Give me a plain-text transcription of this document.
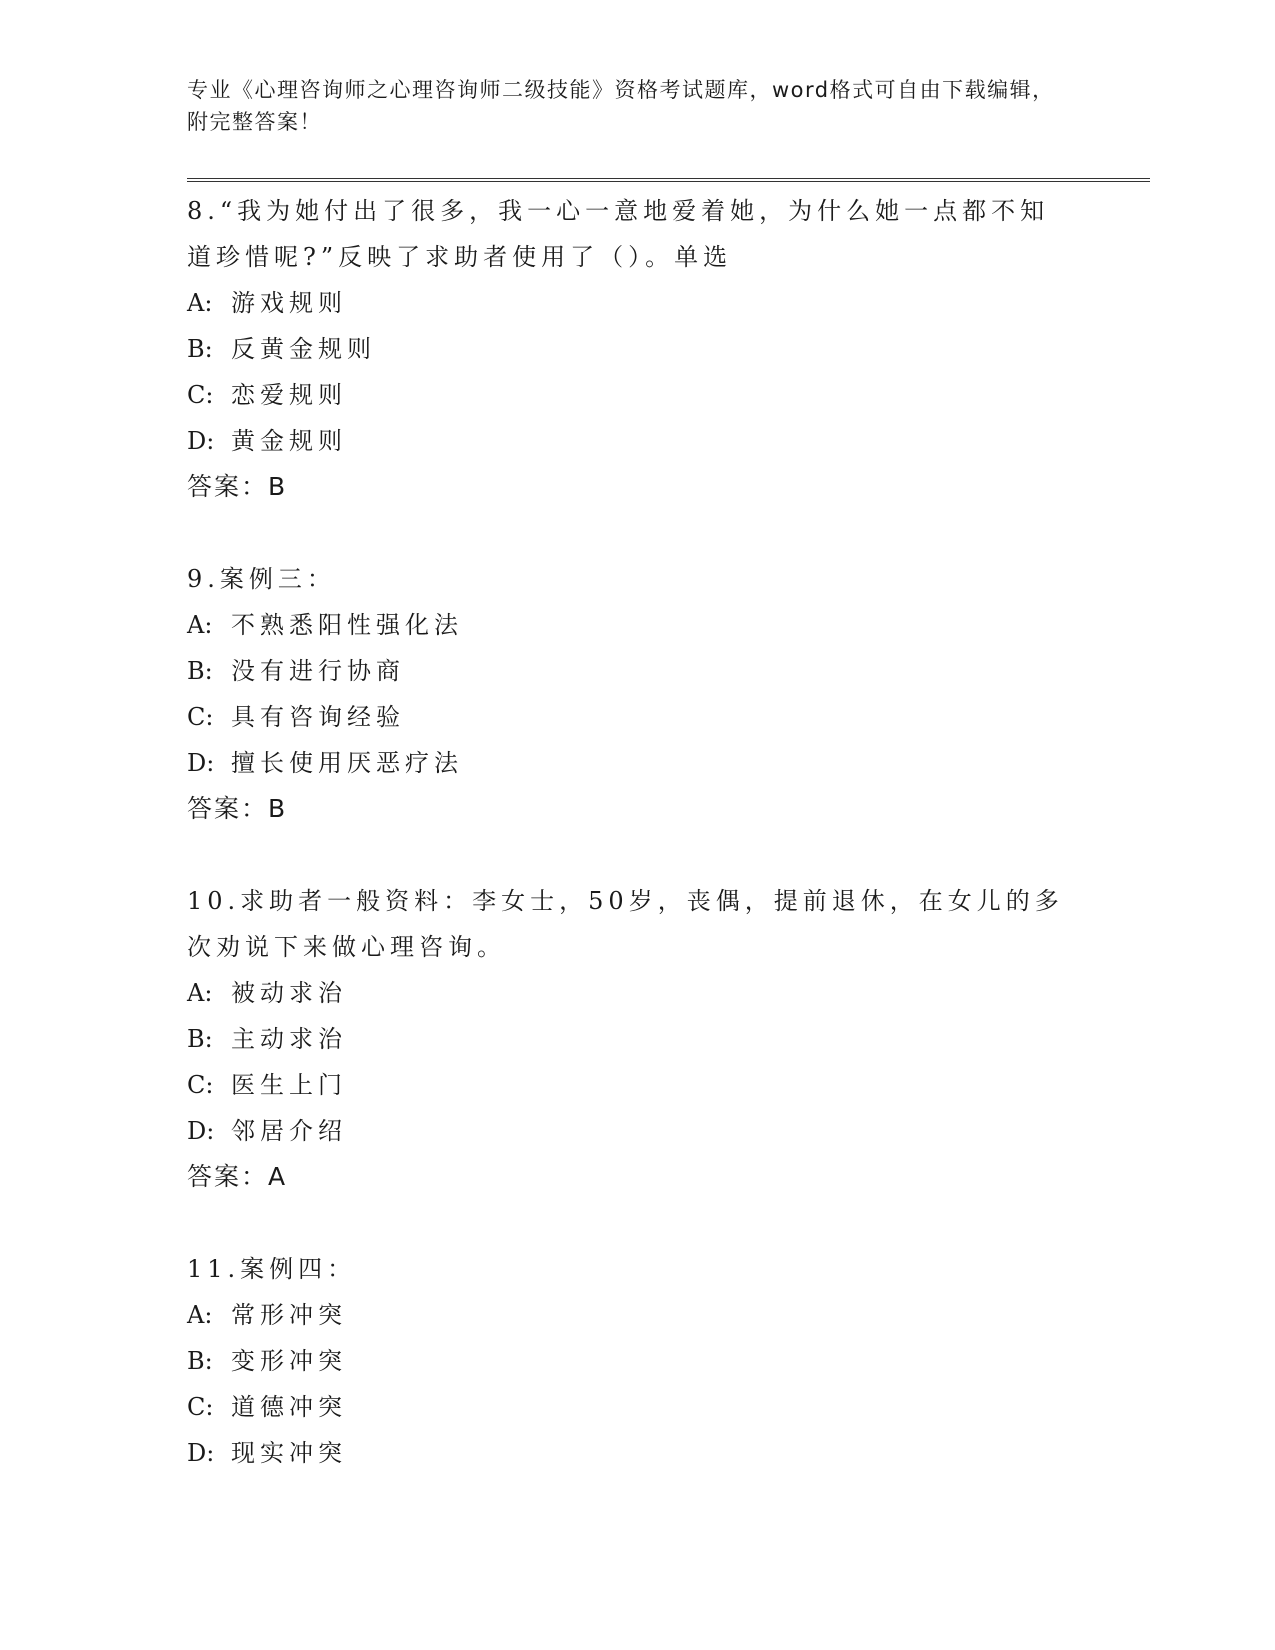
专业《心理咨询师之心理咨询师二级技能》资格考试题库，word格式可自由下载编辑，附完整答案！

8.“我为她付出了很多，我一心一意地爱着她，为什么她一点都不知道珍惜呢?”反映了求助者使用了（）。单选

A: 游戏规则

B: 反黄金规则

C: 恋爱规则

D: 黄金规则

答案：B

9.案例三：

A: 不熟悉阳性强化法

B: 没有进行协商

C: 具有咨询经验

D: 擅长使用厌恶疗法

答案：B

10.求助者一般资料：李女士，50岁，丧偶，提前退休，在女儿的多次劝说下来做心理咨询。

A: 被动求治

B: 主动求治

C: 医生上门

D: 邻居介绍

答案：A

11.案例四：

A: 常形冲突

B: 变形冲突

C: 道德冲突

D: 现实冲突
